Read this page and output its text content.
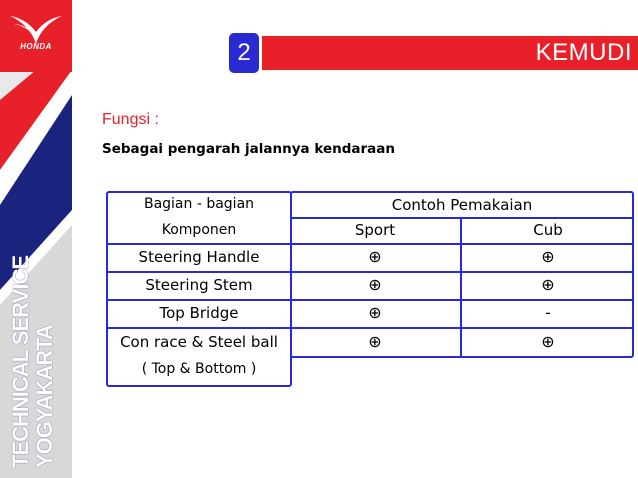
HONDA
TECHNICAL SERVICE YOGYAKARTA
KEMUDI
2
Fungsi :
Sebagai pengarah jalannya kendaraan
Bagian - bagian
Komponen
Contoh Pemakaian
Sport	Cub
Steering Handle	⊕	⊕
Steering Stem	⊕	⊕
Top Bridge	⊕	-
Con race & Steel ball
( Top & Bottom )
⊕	⊕
